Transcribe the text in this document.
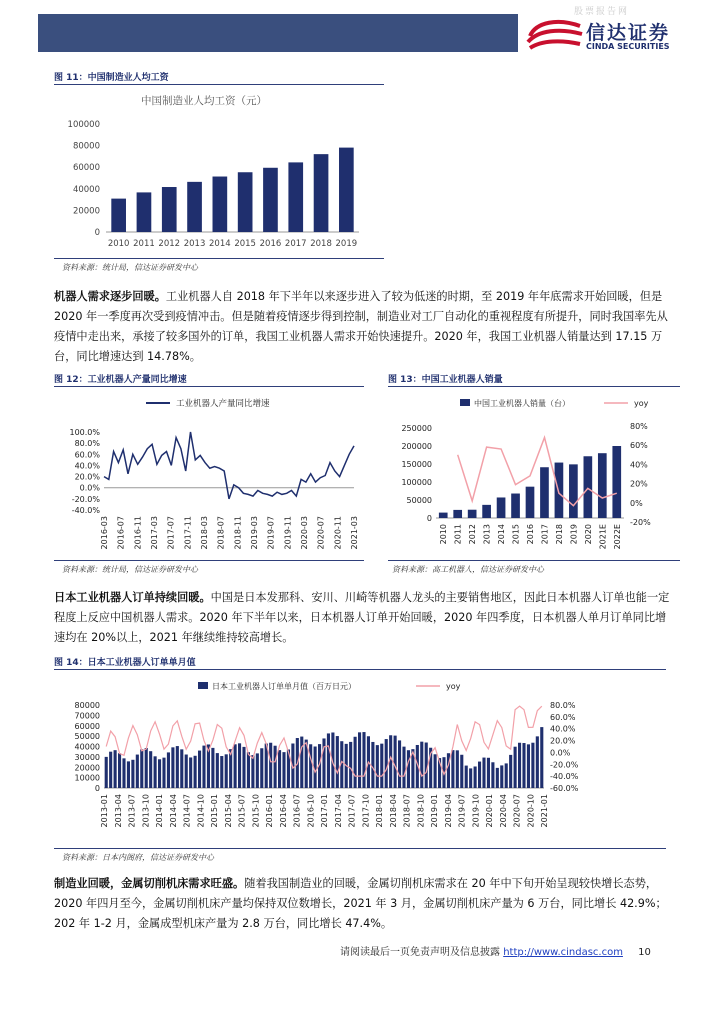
股票报告网
信达证券
CINDA SECURITIES
图 11：中国制造业人均工资
中国制造业人均工资（元）
0
20000
40000
60000
80000
100000
2010 2011 2012 2013 2014 2015 2016 2017 2018 2019
资料来源：统计局，信达证券研发中心

机器人需求逐步回暖。工业机器人自 2018 年下半年以来逐步进入了较为低迷的时期，至 2019 年年底需求开始回暖，但是 2020 年一季度再次受到疫情冲击。但是随着疫情逐步得到控制，制造业对工厂自动化的重视程度有所提升，同时我国率先从疫情中走出来，承接了较多国外的订单，我国工业机器人需求开始快速提升。2020 年，我国工业机器人销量达到 17.15 万台，同比增速达到 14.78%。

图 12：工业机器人产量同比增速
工业机器人产量同比增速
100.0%
80.0%
60.0%
40.0%
20.0%
0.0%
-20.0%
-40.0%
2016-03 2016-07 2016-11 2017-03 2017-07 2017-11 2018-03 2018-07 2018-11 2019-03 2019-07 2019-11 2020-03 2020-07 2020-11 2021-03
资料来源：统计局，信达证券研发中心
图 13：中国工业机器人销量
中国工业机器人销量（台）	yoy
250000
200000
150000
100000
50000
0
80%
60%
40%
20%
0%
-20%
2010 2011 2012 2013 2014 2015 2016 2017 2018 2019 2020 2021E 2022E
资料来源：高工机器人，信达证券研发中心

日本工业机器人订单持续回暖。中国是日本发那科、安川、川崎等机器人龙头的主要销售地区，因此日本机器人订单也能一定程度上反应中国机器人需求。2020 年下半年以来，日本机器人订单开始回暖，2020 年四季度，日本机器人单月订单同比增速均在 20%以上，2021 年继续维持较高增长。

图 14：日本工业机器人订单单月值
日本工业机器人订单单月值（百万日元）	yoy
80000
70000
60000
50000
40000
30000
20000
10000
0
80.0%
60.0%
40.0%
20.0%
0.0%
-20.0%
-40.0%
-60.0%
2013-01 2013-04 2013-07 2013-10 2014-01 2014-04 2014-07 2014-10 2015-01 2015-04 2015-07 2015-10 2016-01 2016-04 2016-07 2016-10 2017-01 2017-04 2017-07 2017-10 2018-01 2018-04 2018-07 2018-10 2019-01 2019-04 2019-07 2019-10 2020-01 2020-04 2020-07 2020-10 2021-01
资料来源：日本内阁府，信达证券研发中心

制造业回暖，金属切削机床需求旺盛。随着我国制造业的回暖，金属切削机床需求在 20 年中下旬开始呈现较快增长态势，2020 年四月至今，金属切削机床产量均保持双位数增长，2021 年 3 月，金属切削机床产量为 6 万台，同比增长 42.9%；202 年 1-2 月，金属成型机床产量为 2.8 万台，同比增长 47.4%。

请阅读最后一页免责声明及信息披露 http://www.cindasc.com 10
